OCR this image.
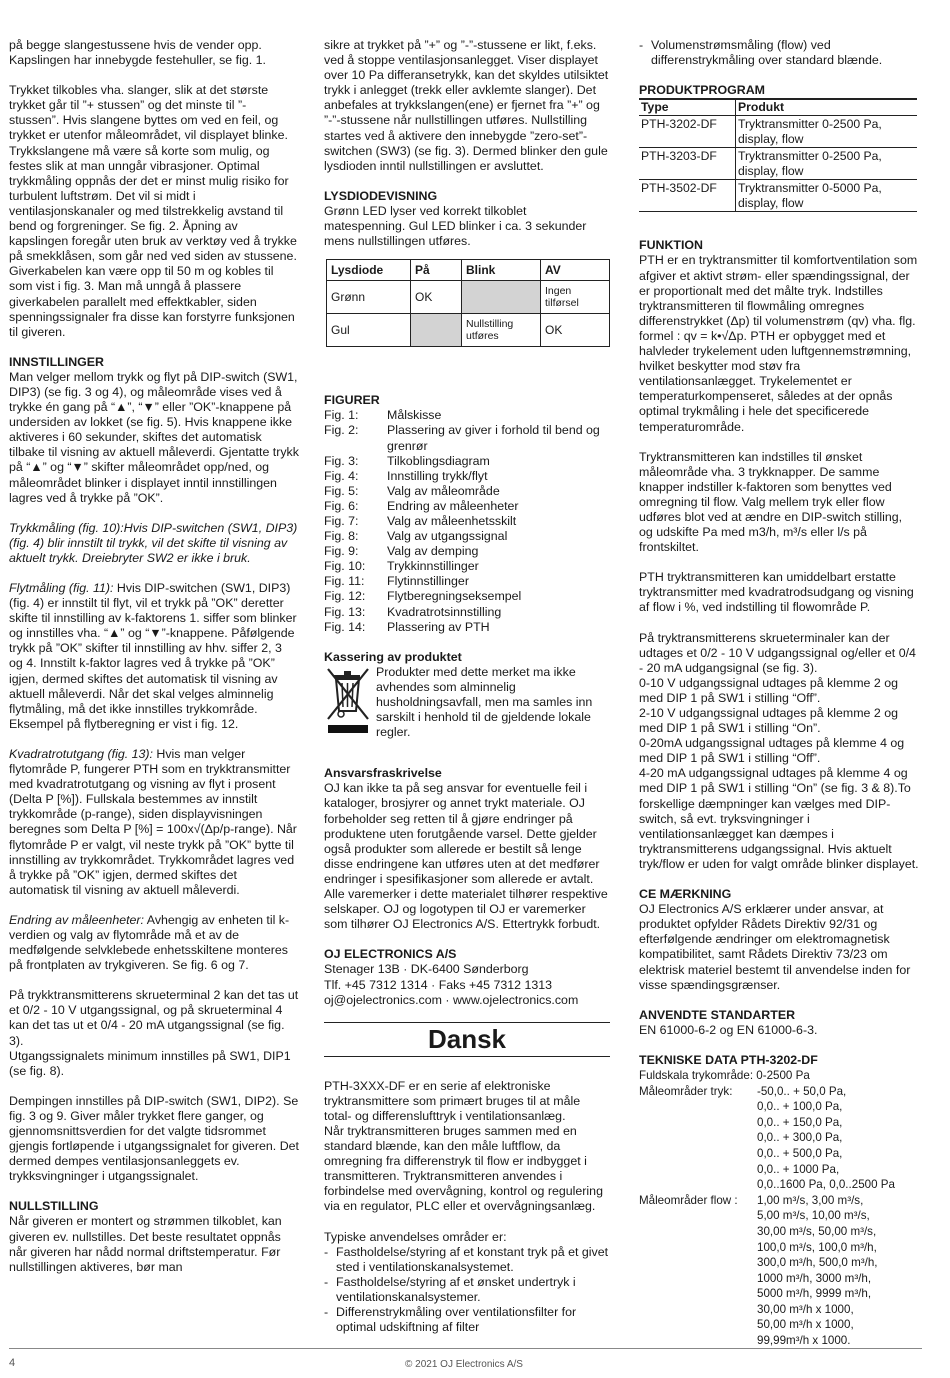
på begge slangestussene hvis de vender opp. Kapslingen har innebygde festehuller, se fig. 1.

Trykket tilkobles vha. slanger, slik at det største trykket går til ”+ stussen” og det minste til ”- stussen”. Hvis slangene byttes om ved en feil, og trykket er utenfor måleområdet, vil displayet blinke. Trykkslangene må være så korte som mulig, og festes slik at man unngår vibrasjoner. Optimal trykkmåling oppnås der det er minst mulig risiko for turbulent luftstrøm. Det vil si midt i ventilasjonskanaler og med tilstrekkelig avstand til bend og forgreninger. Se fig. 2. Åpning av kapslingen foregår uten bruk av verktøy ved å trykke på smekklåsen, som går ned ved siden av stussene. Giverkabelen kan være opp til 50 m og kobles til som vist i fig. 3. Man må unngå å plassere giverkabelen parallelt med effektkabler, siden spenningssignaler fra disse kan forstyrre funksjonen til giveren.

INNSTILLINGER

Man velger mellom trykk og flyt på DIP-switch (SW1, DIP3) (se fig. 3 og 4), og måleområde vises ved å trykke én gang på “▲”, “▼” eller ”OK”-knappene på undersiden av lokket (se fig. 5). Hvis knappene ikke aktiveres i 60 sekunder, skiftes det automatisk tilbake til visning av aktuell måleverdi. Gjentatte trykk på “▲” og “▼” skifter måleområdet opp/ned, og måleområdet blinker i displayet inntil innstillingen lagres ved å trykke på ”OK”.

Trykkmåling (fig. 10):Hvis DIP-switchen (SW1, DIP3) (fig. 4) blir innstilt til trykk, vil det skifte til visning av aktuelt trykk. Dreiebryter SW2 er ikke i bruk.

Flytmåling (fig. 11): Hvis DIP-switchen (SW1, DIP3) (fig. 4) er innstilt til flyt, vil et trykk på ”OK” deretter skifte til innstilling av k-faktorens 1. siffer som blinker og innstilles vha. “▲” og “▼”-knappene. Påfølgende trykk på ”OK” skifter til innstilling av hhv. siffer 2, 3 og 4. Innstilt k-faktor lagres ved å trykke på ”OK” igjen, dermed skiftes det automatisk til visning av aktuell måleverdi. Når det skal velges alminnelig flytmåling, må det ikke innstilles trykkområde. Eksempel på flytberegning er vist i fig. 12.

Kvadratrotutgang (fig. 13): Hvis man velger flytområde P, fungerer PTH som en trykktransmitter med kvadratrotutgang og visning av flyt i prosent (Delta P [%]). Fullskala bestemmes av innstilt trykkområde (p-range), siden displayvisningen beregnes som Delta P [%] = 100x√(Δp/p-range). Når flytområde P er valgt, vil neste trykk på ”OK” bytte til innstilling av trykkområdet. Trykkområdet lagres ved å trykke på ”OK” igjen, dermed skiftes det automatisk til visning av aktuell måleverdi.

Endring av måleenheter: Avhengig av enheten til k-verdien og valg av flytområde må et av de medfølgende selvklebede enhetsskiltene monteres på frontplaten av trykgiveren. Se fig. 6 og 7.

På trykktransmitterens skrueterminal 2 kan det tas ut et 0/2 - 10 V utgangssignal, og på skrueterminal 4 kan det tas ut et 0/4 - 20 mA utgangssignal (se fig. 3).

Utgangssignalets minimum innstilles på SW1, DIP1 (se fig. 8).

Dempingen innstilles på DIP-switch (SW1, DIP2). Se fig. 3 og 9. Giver måler trykket flere ganger, og gjennomsnittsverdien for det valgte tidsrommet gjengis fortløpende i utgangssignalet for giveren. Det dermed dempes ventilasjonsanleggets ev. trykksvingninger i utgangssignalet.

NULLSTILLING

Når giveren er montert og strømmen tilkoblet, kan giveren ev. nullstilles. Det beste resultatet oppnås når giveren har nådd normal driftstemperatur. Før nullstillingen aktiveres, bør man

sikre at trykket på ”+” og ”-”-stussene er likt, f.eks. ved å stoppe ventilasjonsanlegget. Viser displayet over 10 Pa differansetrykk, kan det skyldes utilsiktet trykk i anlegget (trekk eller avklemte slanger). Det anbefales at trykkslangen(ene) er fjernet fra ”+” og ”-”-stussene når nullstillingen utføres. Nullstilling startes ved å aktivere den innebygde ”zero-set”-switchen (SW3) (se fig. 3). Dermed blinker den gule lysdioden inntil nullstillingen er avsluttet.

LYSDIODEVISNING

Grønn LED lyser ved korrekt tilkoblet matespenning. Gul LED blinker i ca. 3 sekunder mens nullstillingen utføres.

Lysdiode	På	Blink	AV
Grønn	OK		Ingen tilførsel
Gul		Nullstilling utføres	OK
FIGURER
Fig. 1:	Målskisse
Fig. 2:	Plassering av giver i forhold til bend og grenrør
Fig. 3:	Tilkoblingsdiagram
Fig. 4:	Innstilling trykk/flyt
Fig. 5:	Valg av måleområde
Fig. 6:	Endring av måleenheter
Fig. 7:	Valg av måleenhetsskilt
Fig. 8:	Valg av utgangssignal
Fig. 9:	Valg av demping
Fig. 10:	Trykkinnstillinger
Fig. 11:	Flytinnstillinger
Fig. 12:	Flytberegningseksempel
Fig. 13:	Kvadratrotsinnstilling
Fig. 14:	Plassering av PTH
Kassering av produktet
Produkter med dette merket ma ikke avhendes som alminnelig husholdningsavfall, men ma samles inn sarskilt i henhold til de gjeldende lokale regler.
Ansvarsfraskrivelse

OJ kan ikke ta på seg ansvar for eventuelle feil i kataloger, brosjyrer og annet trykt materiale. OJ forbeholder seg retten til å gjøre endringer på produktene uten forutgående varsel. Dette gjelder også produkter som allerede er bestilt så lenge disse endringene kan utføres uten at det medfører endringer i spesifikasjoner som allerede er avtalt. Alle varemerker i dette materialet tilhører respektive selskaper. OJ og logotypen til OJ er varemerker som tilhører OJ Electronics A/S. Ettertrykk forbudt.

OJ ELECTRONICS A/S
Stenager 13B · DK-6400 Sønderborg
Tlf. +45 7312 1314 · Faks +45 7312 1313
oj@ojelectronics.com · www.ojelectronics.com
Dansk

PTH-3XXX-DF er en serie af elektroniske tryktransmittere som primært bruges til at måle total- og differenslufttryk i ventilationsanlæg.

Når tryktransmitteren bruges sammen med en standard blænde, kan den måle luftflow, da omregning fra differenstryk til flow er indbygget i transmitteren. Tryktransmitteren anvendes i forbindelse med overvågning, kontrol og regulering via en regulator, PLC eller et overvågningsanlæg.

Typiske anvendelses områder er:
- Fastholdelse/styring af et konstant tryk på et givet sted i ventilationskanalsystemet.
- Fastholdelse/styring af et ønsket undertryk i ventilationskanalsystemer.
- Differenstrykmåling over ventilationsfilter for optimal udskiftning af filter
- Volumenstrømsmåling (flow) ved differenstrykmåling over standard blænde.
PRODUKTPROGRAM
Type	Produkt
PTH-3202-DF	Tryktransmitter 0-2500 Pa, display, flow
PTH-3203-DF	Tryktransmitter 0-2500 Pa, display, flow
PTH-3502-DF	Tryktransmitter 0-5000 Pa, display, flow
FUNKTION

PTH er en tryktransmitter til komfortventilation som afgiver et aktivt strøm- eller spændingssignal, der er proportionalt med det målte tryk. Indstilles tryktransmitteren til flowmåling omregnes differenstrykket (Δp) til volumenstrøm (qv) vha. flg. formel : qv = k•√Δp. PTH er opbygget med et halvleder trykelement uden luftgennemstrømning, hvilket beskytter mod støv fra ventilationsanlægget. Trykelementet er temperaturkompenseret, således at der opnås optimal trykmåling i hele det specificerede temperaturområde.

Tryktransmitteren kan indstilles til ønsket måleområde vha. 3 trykknapper. De samme knapper indstiller k-faktoren som benyttes ved omregning til flow. Valg mellem tryk eller flow udføres blot ved at ændre en DIP-switch stilling, og udskifte Pa med m3/h, m³/s eller l/s på frontskiltet.

PTH tryktransmitteren kan umiddelbart erstatte tryktransmitter med kvadratrodsudgang og visning af flow i %, ved indstilling til flowområde P.

På tryktransmitterens skrueterminaler kan der udtages et 0/2 - 10 V udgangssignal og/eller et 0/4 - 20 mA udgangsignal (se fig. 3).

0-10 V udgangssignal udtages på klemme 2 og med DIP 1 på SW1 i stilling “Off”.

2-10 V udgangssignal udtages på klemme 2 og med DIP 1 på SW1 i stilling “On”.

0-20mA udgangssignal udtages på klemme 4 og med DIP 1 på SW1 i stilling “Off”.

4-20 mA udgangssignal udtages på klemme 4 og med DIP 1 på SW1 i stilling “On” (se fig. 3 & 8).To forskellige dæmpninger kan vælges med DIP-switch, så evt. tryksvingninger i ventilationsanlægget kan dæmpes i tryktransmitterens udgangssignal. Hvis aktuelt tryk/flow er uden for valgt område blinker displayet.

CE MÆRKNING

OJ Electronics A/S erklærer under ansvar, at produktet opfylder Rådets Direktiv 92/31 og efterfølgende ændringer om elektromagnetisk kompatibilitet, samt Rådets Direktiv 73/23 om elektrisk materiel bestemt til anvendelse inden for visse spændingsgrænser.

ANVENDTE STANDARTER

EN 61000-6-2 og EN 61000-6-3.

TEKNISKE DATA PTH-3202-DF
Fuldskala trykområde: 0-2500 Pa
Måleområder tryk:	-50,0.. + 50,0 Pa,
0,0.. + 100,0 Pa,
0,0.. + 150,0 Pa,
0,0.. + 300,0 Pa,
0,0.. + 500,0 Pa,
0,0.. + 1000 Pa,
0,0..1600 Pa, 0,0..2500 Pa
Måleområder flow :	1,00 m³/s, 3,00 m³/s,
5,00 m³/s, 10,00 m³/s,
30,00 m³/s, 50,00 m³/s,
100,0 m³/s, 100,0 m³/h,
300,0 m³/h, 500,0 m³/h,
1000 m³/h, 3000 m³/h,
5000 m³/h, 9999 m³/h,
30,00 m³/h x 1000,
50,00 m³/h x 1000,
99,99m³/h x 1000.
4	© 2021 OJ Electronics A/S
